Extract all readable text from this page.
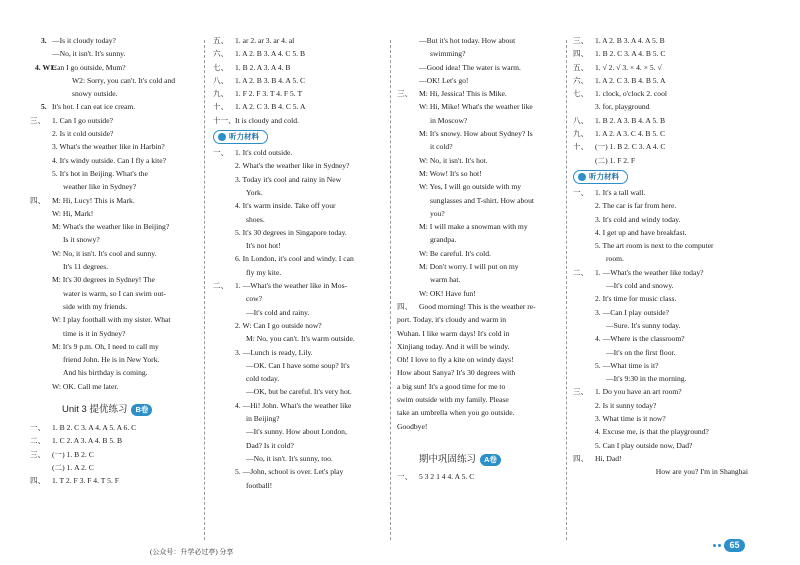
3. —Is it cloudy today?
—No, it isn't. It's sunny.
4. W1:
Can I go outside, Mum?
W2: Sorry, you can't. It's cold and
snowy outside.
5. It's hot. I can eat ice cream.
三、 1. Can I go outside?
2. Is it cold outside?
3. What's the weather like in Harbin?
4. It's windy outside. Can I fly a kite?
5. It's hot in Beijing. What's the
weather like in Sydney?
四、 M: Hi, Lucy! This is Mark.
W: Hi, Mark!
M: What's the weather like in Beijing?
Is it snowy?
W: No, it isn't. It's cool and sunny.
It's 11 degrees.
M: It's 30 degrees in Sydney! The
water is warm, so I can swim out-
side with my friends.
W: I play football with my sister. What
time is it in Sydney?
M: It's 9 p.m. Oh, I need to call my
friend John. He is in New York.
And his birthday is coming.
W: OK. Call me later.
Unit 3 提优练习 B卷
一、 1. B 2. C 3. A 4. A 5. A 6. C
二、 1. C 2. A 3. A 4. B 5. B
三、 (一) 1. B 2. C
(二) 1. A 2. C
四、 1. T 2. F 3. F 4. T 5. F
五、 1. ar 2. ar 3. ar 4. al
六、 1. A 2. B 3. A 4. C 5. B
七、 1. B 2. A 3. A 4. B
八、 1. A 2. B 3. B 4. A 5. C
九、 1. F 2. F 3. T 4. F 5. T
十、 1. A 2. C 3. B 4. C 5. A
十一、 It is cloudy and cold.
听力材料
一、 1. It's cold outside.
2. What's the weather like in Sydney?
3. Today it's cool and rainy in New
York.
4. It's warm inside. Take off your
shoes.
5. It's 30 degrees in Singapore today.
It's not hot!
6. In London, it's cool and windy. I can
fly my kite.
二、 1. —What's the weather like in Mos-
cow?
—It's cold and rainy.
2. W: Can I go outside now?
M: No, you can't. It's warm outside.
3. —Lunch is ready, Lily.
—OK. Can I have some soup? It's
cold today.
—OK, but be careful. It's very hot.
4. —Hi! John. What's the weather like
in Beijing?
—It's sunny. How about London,
Dad? Is it cold?
—No, it isn't. It's sunny, too.
5. —John, school is over. Let's play
football!
—But it's hot today. How about
swimming?
—Good idea! The water is warm.
—OK! Let's go!
三、 M: Hi, Jessica! This is Mike.
W: Hi, Mike! What's the weather like
in Moscow?
M: It's snowy. How about Sydney? Is
it cold?
W: No, it isn't. It's hot.
M: Wow! It's so hot!
W: Yes, I will go outside with my
sunglasses and T-shirt. How about
you?
M: I will make a snowman with my
grandpa.
W: Be careful. It's cold.
M: Don't worry. I will put on my
warm hat.
W: OK! Have fun!
四、 Good morning! This is the weather re-
port. Today, it's cloudy and warm in
Wuhan. I like warm days! It's cold in
Xinjiang today. And it will be windy.
Oh! I love to fly a kite on windy days!
How about Sanya? It's 30 degrees with
a big sun! It's a good time for me to
swim outside with my family. Please
take an umbrella when you go outside.
Goodbye!
期中巩固练习 A卷
一、 5 3 2 1 4 4. A 5. C
三、 1. A 2. B 3. A 4. A 5. B
四、 1. B 2. C 3. A 4. B 5. C
五、 1. √ 2. √ 3. × 4. × 5. √
六、 1. A 2. C 3. B 4. B 5. A
七、 1. clock, o'clock 2. cool
3. for, playground
八、 1. B 2. A 3. B 4. A 5. B
九、 1. A 2. A 3. C 4. B 5. C
十、 (一) 1. B 2. C 3. A 4. C
(二) 1. F 2. F
听力材料
一、 1. It's a tall wall.
2. The car is far from here.
3. It's cold and windy today.
4. I get up and have breakfast.
5. The art room is next to the computer
room.
二、 1. —What's the weather like today?
—It's cold and snowy.
2. It's time for music class.
3. —Can I play outside?
—Sure. It's sunny today.
4. —Where is the classroom?
—It's on the first floor.
5. —What time is it?
—It's 9:30 in the morning.
三、 1. Do you have an art room?
2. Is it sunny today?
3. What time is it now?
4. Excuse me, is that the playground?
5. Can I play outside now, Dad?
四、 Hi, Dad!
How are you? I'm in Shanghai
(公众号：升学必过亭) 分享
65
